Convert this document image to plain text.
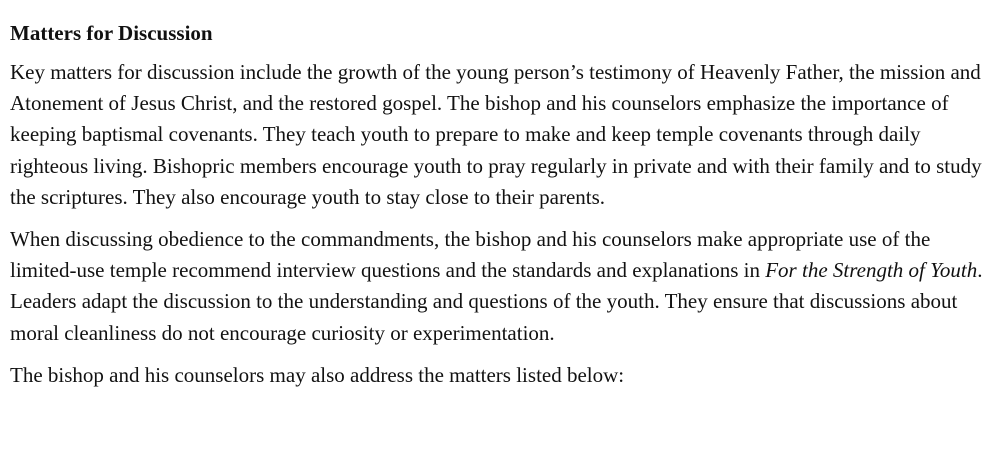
Matters for Discussion

Key matters for discussion include the growth of the young person’s testimony of Heavenly Father, the mission and Atonement of Jesus Christ, and the restored gospel. The bishop and his counselors emphasize the importance of keeping baptismal covenants. They teach youth to prepare to make and keep temple covenants through daily righteous living. Bishopric members encourage youth to pray regularly in private and with their family and to study the scriptures. They also encourage youth to stay close to their parents.

When discussing obedience to the commandments, the bishop and his counselors make appropriate use of the limited-use temple recommend interview questions and the standards and explanations in For the Strength of Youth. Leaders adapt the discussion to the understanding and questions of the youth. They ensure that discussions about moral cleanliness do not encourage curiosity or experimentation.

The bishop and his counselors may also address the matters listed below:
